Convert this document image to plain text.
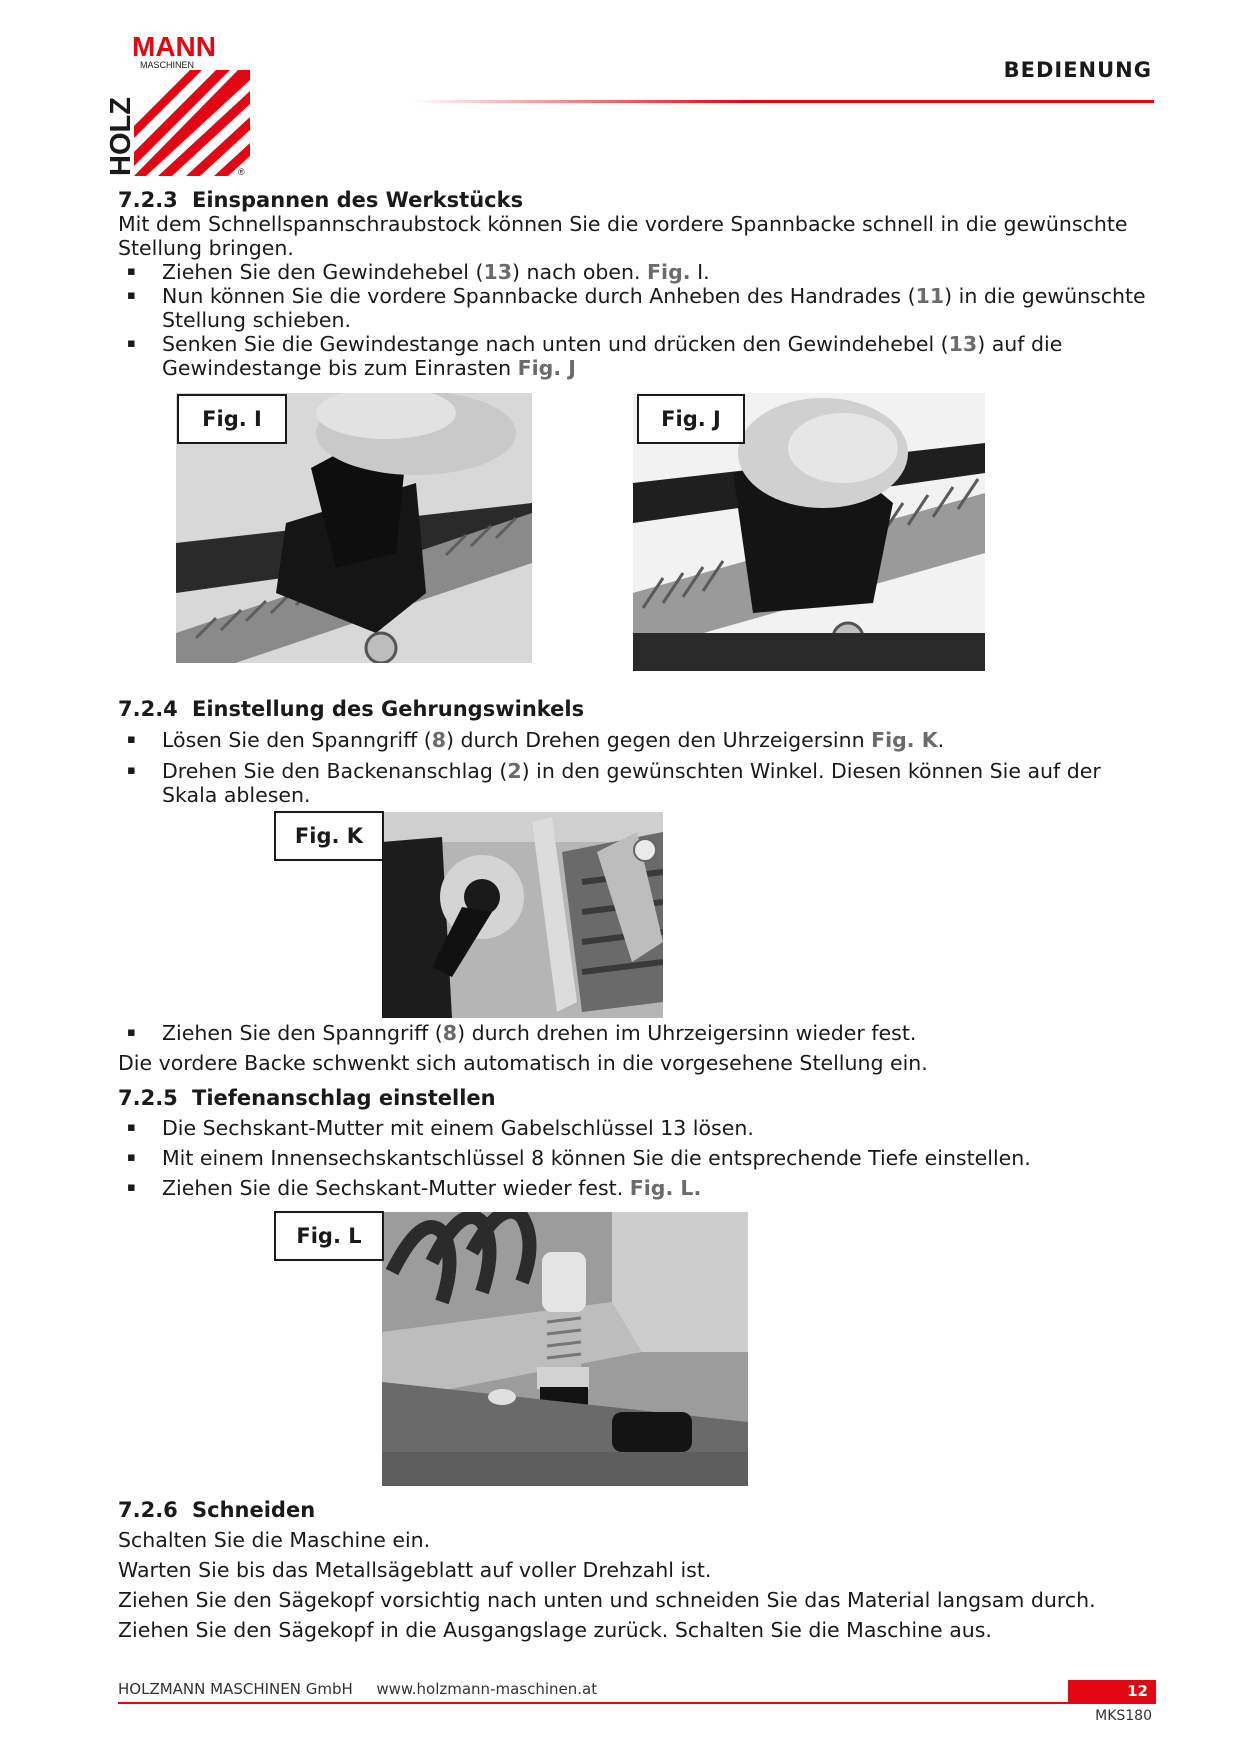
MANN
MASCHINEN
HOLZ	®
BEDIENUNG
7.2.3 Einspannen des Werkstücks
Mit dem Schnellspannschraubstock können Sie die vordere Spannbacke schnell in die gewünschte
Stellung bringen.
▪ Ziehen Sie den Gewindehebel (13) nach oben. Fig. I.
▪ Nun können Sie die vordere Spannbacke durch Anheben des Handrades (11) in die gewünschte
Stellung schieben.
▪ Senken Sie die Gewindestange nach unten und drücken den Gewindehebel (13) auf die
Gewindestange bis zum Einrasten Fig. J
Fig. I	Fig. J
7.2.4 Einstellung des Gehrungswinkels
▪ Lösen Sie den Spanngriff (8) durch Drehen gegen den Uhrzeigersinn Fig. K.
▪ Drehen Sie den Backenanschlag (2) in den gewünschten Winkel. Diesen können Sie auf der
Skala ablesen.
Fig. K
▪ Ziehen Sie den Spanngriff (8) durch drehen im Uhrzeigersinn wieder fest.
Die vordere Backe schwenkt sich automatisch in die vorgesehene Stellung ein.
7.2.5 Tiefenanschlag einstellen
▪ Die Sechskant-Mutter mit einem Gabelschlüssel 13 lösen.
▪ Mit einem Innensechskantschlüssel 8 können Sie die entsprechende Tiefe einstellen.
▪ Ziehen Sie die Sechskant-Mutter wieder fest. Fig. L.
Fig. L
7.2.6 Schneiden
Schalten Sie die Maschine ein.
Warten Sie bis das Metallsägeblatt auf voller Drehzahl ist.
Ziehen Sie den Sägekopf vorsichtig nach unten und schneiden Sie das Material langsam durch.
Ziehen Sie den Sägekopf in die Ausgangslage zurück. Schalten Sie die Maschine aus.
HOLZMANN MASCHINEN GmbH www.holzmann-maschinen.at	12
MKS180
